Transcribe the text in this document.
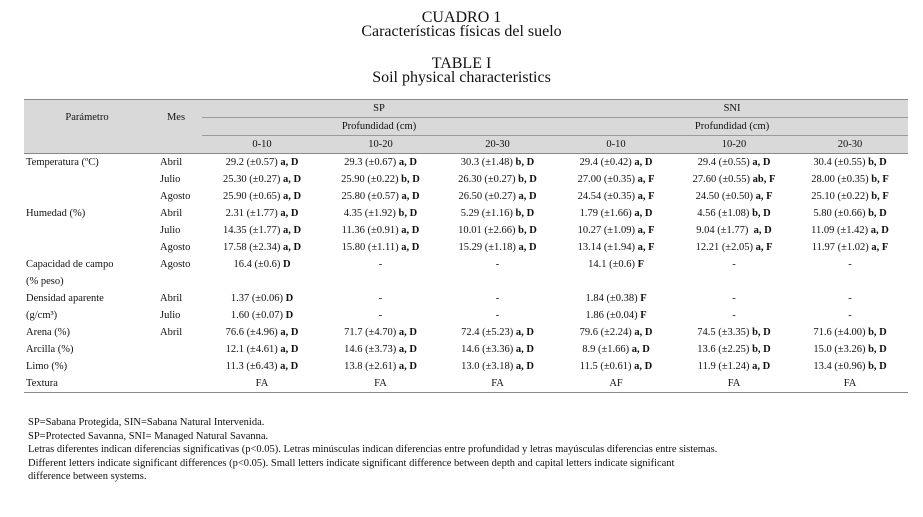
CUADRO 1
Características físicas del suelo
TABLE I
Soil physical characteristics
Parámetro	Mes	SP			SNI		
		Profundidad (cm)			Profundidad (cm)		
		0-10	10-20	20-30	0-10	10-20	20-30
Temperatura (ºC)	Abril	29.2 (±0.57) a, D	29.3 (±0.67) a, D	30.3 (±1.48) b, D	29.4 (±0.42) a, D	29.4 (±0.55) a, D	30.4 (±0.55) b, D
	Julio	25.30 (±0.27) a, D	25.90 (±0.22) b, D	26.30 (±0.27) b, D	27.00 (±0.35) a, F	27.60 (±0.55) ab, F	28.00 (±0.35) b, F
	Agosto	25.90 (±0.65) a, D	25.80 (±0.57) a, D	26.50 (±0.27) a, D	24.54 (±0.35) a, F	24.50 (±0.50) a, F	25.10 (±0.22) b, F
Humedad (%)	Abril	2.31 (±1.77) a, D	4.35 (±1.92) b, D	5.29 (±1.16) b, D	1.79 (±1.66) a, D	4.56 (±1.08) b, D	5.80 (±0.66) b, D
	Julio	14.35 (±1.77) a, D	11.36 (±0.91) a, D	10.01 (±2.66) b, D	10.27 (±1.09) a, F	9.04 (±1.77)  a, D	11.09 (±1.42) a, D
	Agosto	17.58 (±2.34) a, D	15.80 (±1.11) a, D	15.29 (±1.18) a, D	13.14 (±1.94) a, F	12.21 (±2.05) a, F	11.97 (±1.02) a, F
Capacidad de campo	Agosto	16.4 (±0.6) D	-	-	14.1 (±0.6) F	-	-
(% peso)							
Densidad aparente	Abril	1.37 (±0.06) D	-	-	1.84 (±0.38) F	-	-
(g/cm³)	Julio	1.60 (±0.07) D	-	-	1.86 (±0.04) F	-	-
Arena (%)	Abril	76.6 (±4.96) a, D	71.7 (±4.70) a, D	72.4 (±5.23) a, D	79.6 (±2.24) a, D	74.5 (±3.35) b, D	71.6 (±4.00) b, D
Arcilla (%)		12.1 (±4.61) a, D	14.6 (±3.73) a, D	14.6 (±3.36) a, D	8.9 (±1.66) a, D	13.6 (±2.25) b, D	15.0 (±3.26) b, D
Limo (%)		11.3 (±6.43) a, D	13.8 (±2.61) a, D	13.0 (±3.18) a, D	11.5 (±0.61) a, D	11.9 (±1.24) a, D	13.4 (±0.96) b, D
Textura		FA	FA	FA	AF	FA	FA
SP=Sabana Protegida, SIN=Sabana Natural Intervenida.
SP=Protected Savanna, SNI= Managed Natural Savanna.
Letras diferentes indican diferencias significativas (p<0.05). Letras minúsculas indican diferencias entre profundidad y letras mayúsculas diferencias entre sistemas.
Different letters indicate significant differences (p<0.05). Small letters indicate significant difference between depth and capital letters indicate significant
difference between systems.
